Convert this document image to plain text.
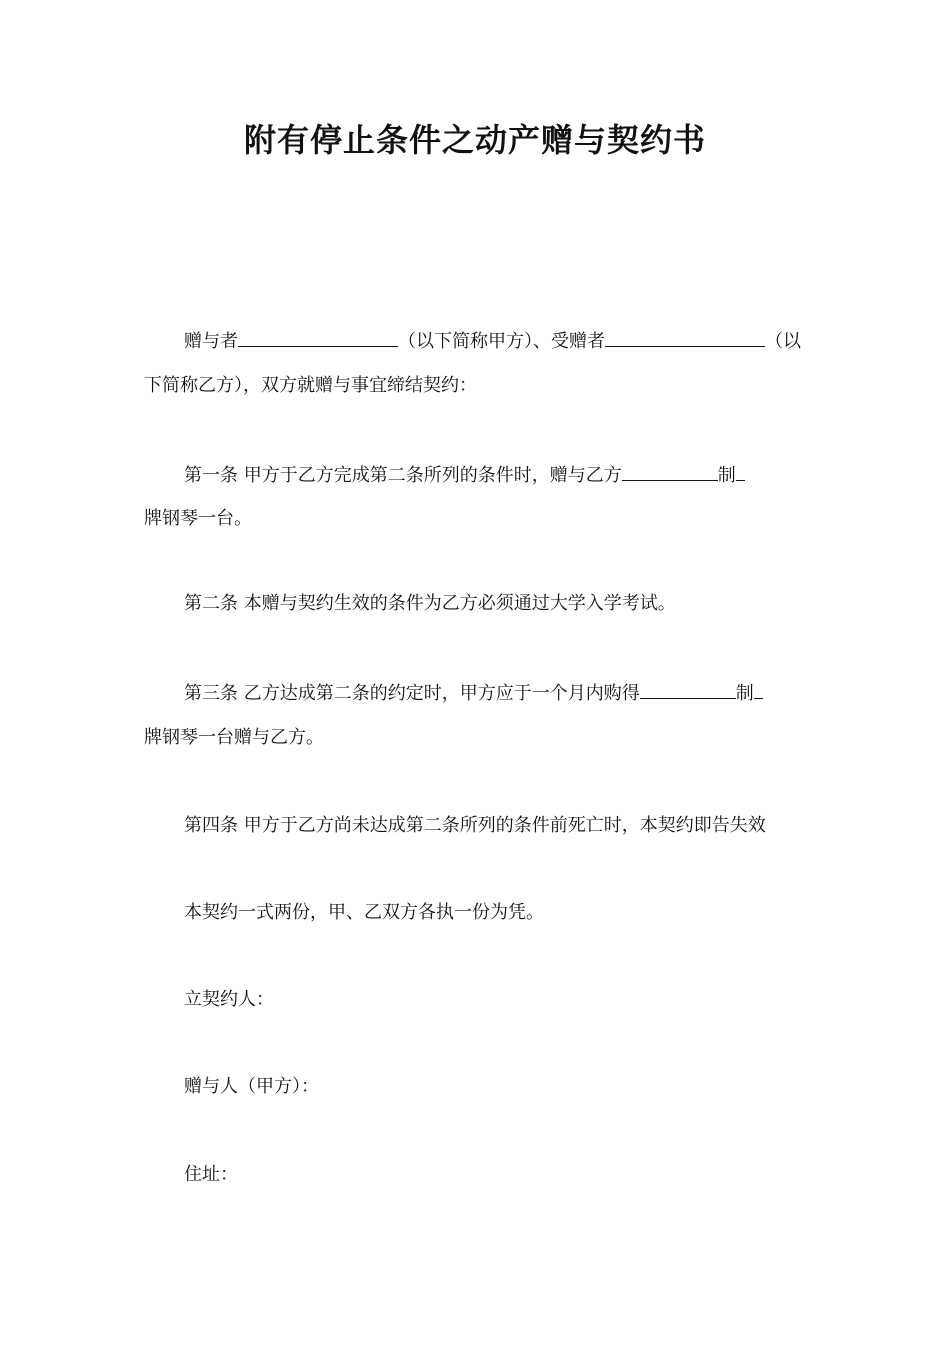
附有停止条件之动产赠与契约书
赠与者	（以下简称甲方）、受赠者	（以
下简称乙方），双方就赠与事宜缔结契约：
第一条 甲方于乙方完成第二条所列的条件时，赠与乙方	制
牌钢琴一台。
第二条 本赠与契约生效的条件为乙方必须通过大学入学考试。
第三条 乙方达成第二条的约定时，甲方应于一个月内购得	制
牌钢琴一台赠与乙方。
第四条 甲方于乙方尚未达成第二条所列的条件前死亡时，本契约即告失效
本契约一式两份，甲、乙双方各执一份为凭。
立契约人：
赠与人（甲方）：
住址：
